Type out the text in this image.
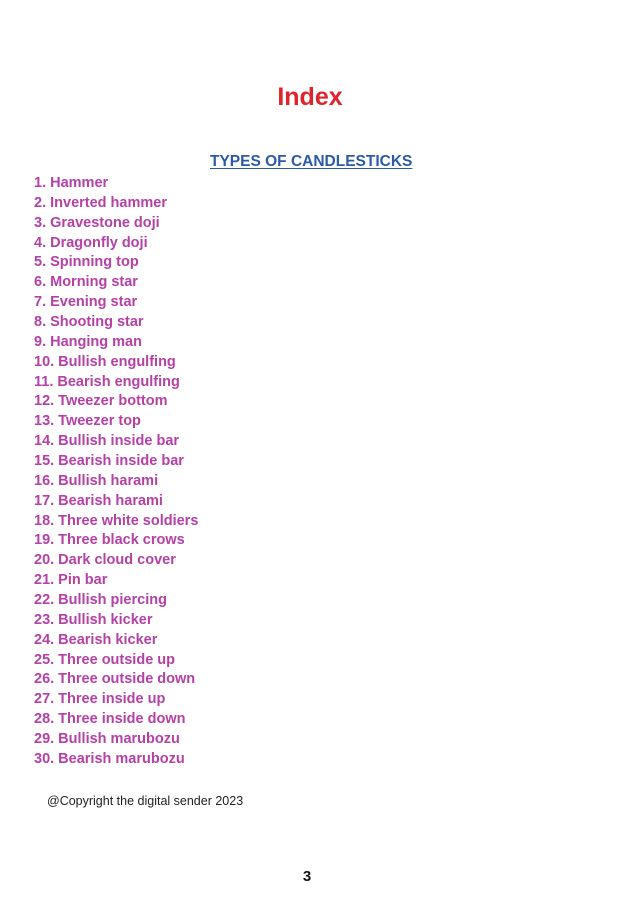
Index
TYPES OF CANDLESTICKS
1. Hammer
2. Inverted hammer
3. Gravestone doji
4. Dragonfly doji
5. Spinning top
6. Morning star
7. Evening star
8. Shooting star
9. Hanging man
10. Bullish engulfing
11. Bearish engulfing
12. Tweezer bottom
13. Tweezer top
14. Bullish inside bar
15. Bearish inside bar
16. Bullish harami
17. Bearish harami
18. Three white soldiers
19. Three black crows
20. Dark cloud cover
21. Pin bar
22. Bullish piercing
23. Bullish kicker
24. Bearish kicker
25. Three outside up
26. Three outside down
27. Three inside up
28. Three inside down
29. Bullish marubozu
30. Bearish marubozu

@Copyright the digital sender 2023

3
